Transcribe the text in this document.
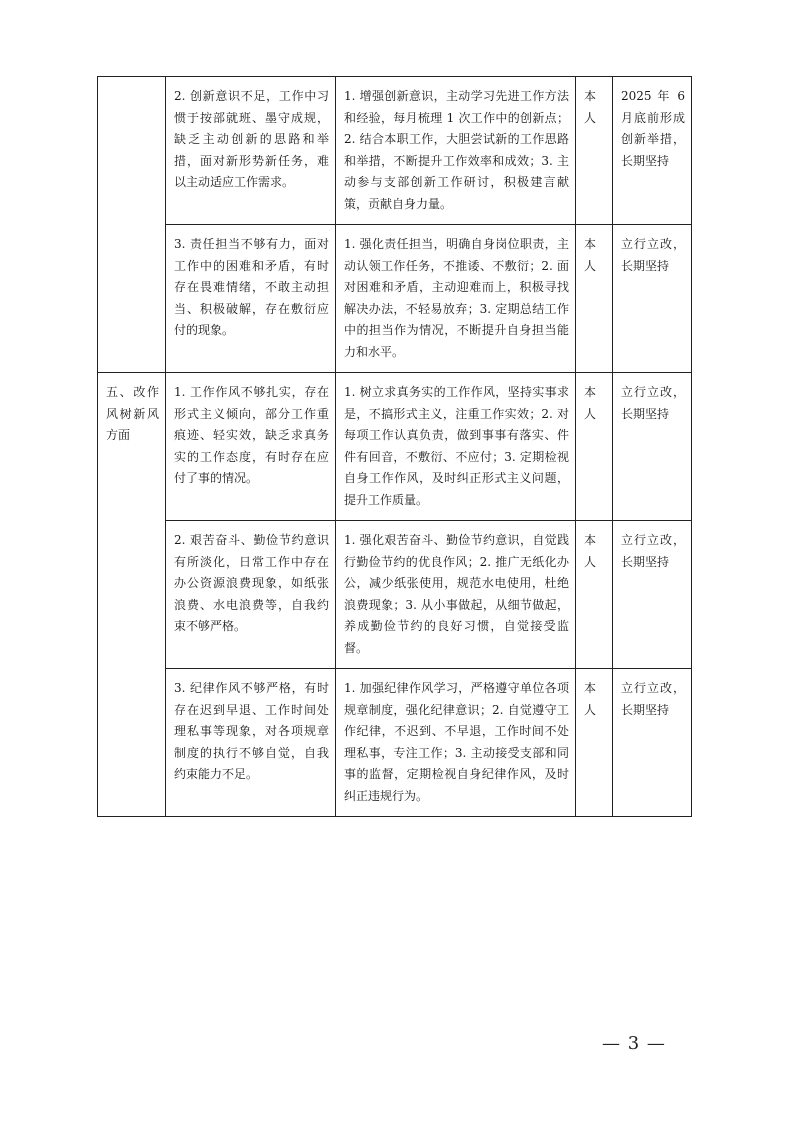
	2. 创新意识不足，工作中习惯于按部就班、墨守成规，缺乏主动创新的思路和举措，面对新形势新任务，难以主动适应工作需求。	1. 增强创新意识，主动学习先进工作方法和经验，每月梳理 1 次工作中的创新点；2. 结合本职工作，大胆尝试新的工作思路和举措，不断提升工作效率和成效；3. 主动参与支部创新工作研讨，积极建言献策，贡献自身力量。	本人	2025 年 6 月底前形成创新举措，长期坚持
	3. 责任担当不够有力，面对工作中的困难和矛盾，有时存在畏难情绪，不敢主动担当、积极破解，存在敷衍应付的现象。	1. 强化责任担当，明确自身岗位职责，主动认领工作任务，不推诿、不敷衍；2. 面对困难和矛盾，主动迎难而上，积极寻找解决办法，不轻易放弃；3. 定期总结工作中的担当作为情况，不断提升自身担当能力和水平。	本人	立行立改，长期坚持
五、改作风树新风方面	1. 工作作风不够扎实，存在形式主义倾向，部分工作重痕迹、轻实效，缺乏求真务实的工作态度，有时存在应付了事的情况。	1. 树立求真务实的工作作风，坚持实事求是，不搞形式主义，注重工作实效；2. 对每项工作认真负责，做到事事有落实、件件有回音，不敷衍、不应付；3. 定期检视自身工作作风，及时纠正形式主义问题，提升工作质量。	本人	立行立改，长期坚持
	2. 艰苦奋斗、勤俭节约意识有所淡化，日常工作中存在办公资源浪费现象，如纸张浪费、水电浪费等，自我约束不够严格。	1. 强化艰苦奋斗、勤俭节约意识，自觉践行勤俭节约的优良作风；2. 推广无纸化办公，减少纸张使用，规范水电使用，杜绝浪费现象；3. 从小事做起，从细节做起，养成勤俭节约的良好习惯，自觉接受监督。	本人	立行立改，长期坚持
	3. 纪律作风不够严格，有时存在迟到早退、工作时间处理私事等现象，对各项规章制度的执行不够自觉，自我约束能力不足。	1. 加强纪律作风学习，严格遵守单位各项规章制度，强化纪律意识；2. 自觉遵守工作纪律，不迟到、不早退，工作时间不处理私事，专注工作；3. 主动接受支部和同事的监督，定期检视自身纪律作风，及时纠正违规行为。	本人	立行立改，长期坚持
— 3 —
